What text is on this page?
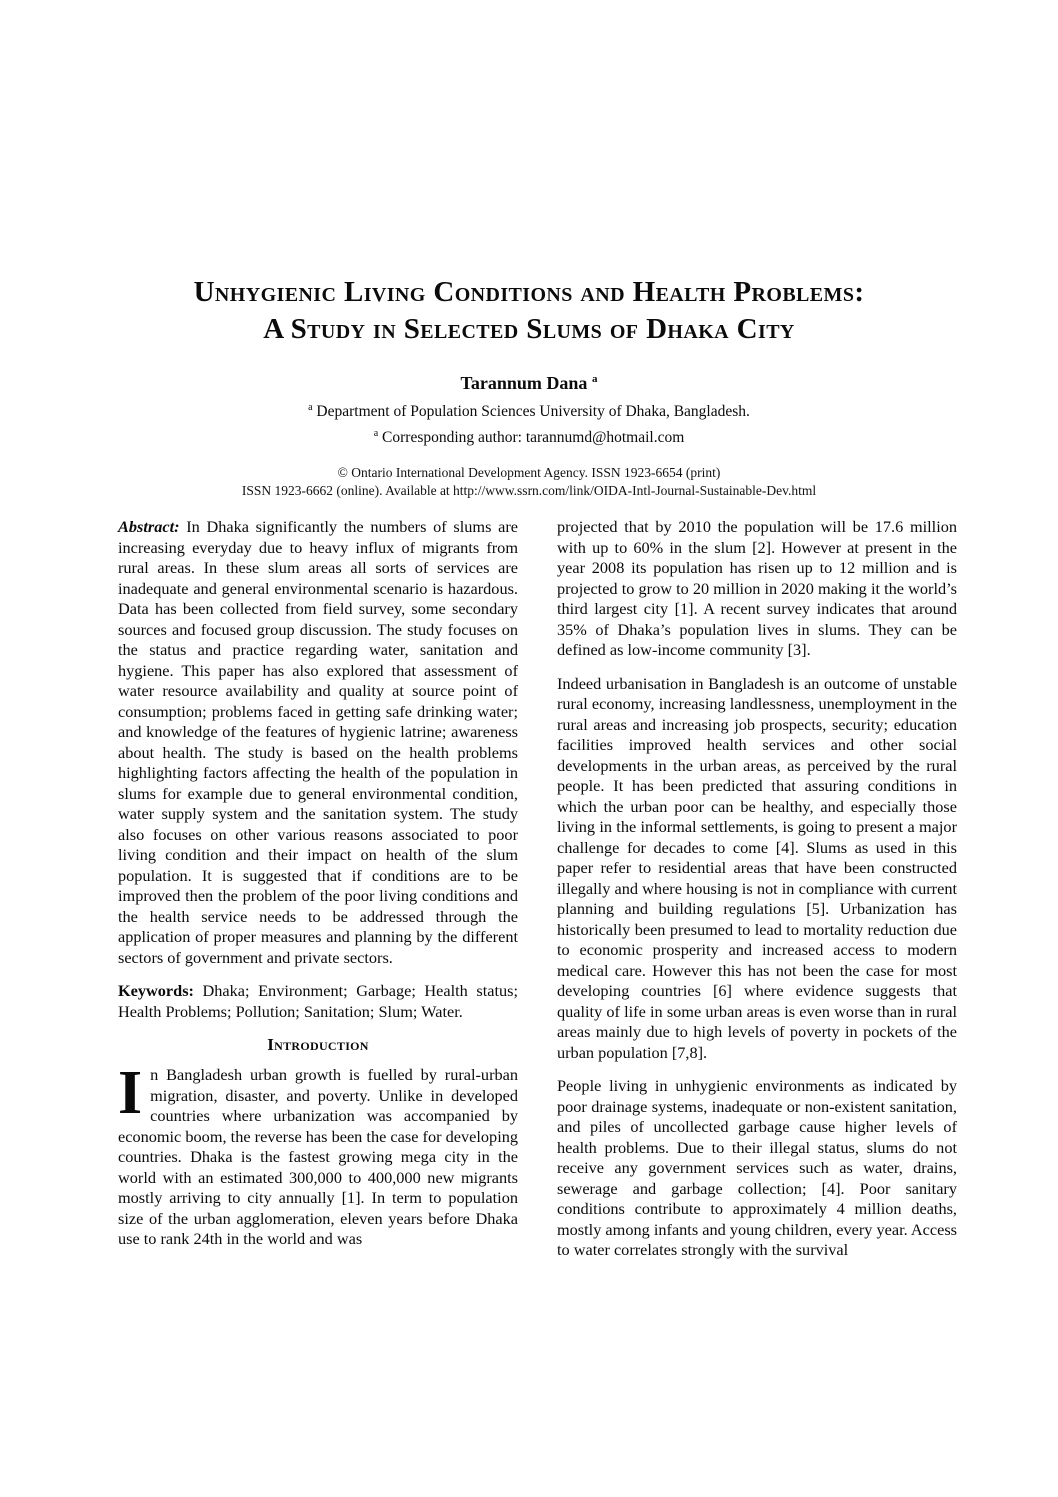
Unhygienic Living Conditions and Health Problems:
A Study in Selected Slums of Dhaka City
Tarannum Dana $^a$
$^a$ Department of Population Sciences University of Dhaka, Bangladesh.
$^a$ Corresponding author: tarannumd@hotmail.com
© Ontario International Development Agency. ISSN 1923-6654 (print)
ISSN 1923-6662 (online). Available at http://www.ssrn.com/link/OIDA-Intl-Journal-Sustainable-Dev.html

Abstract: In Dhaka significantly the numbers of slums are increasing everyday due to heavy influx of migrants from rural areas. In these slum areas all sorts of services are inadequate and general environmental scenario is hazardous. Data has been collected from field survey, some secondary sources and focused group discussion. The study focuses on the status and practice regarding water, sanitation and hygiene. This paper has also explored that assessment of water resource availability and quality at source point of consumption; problems faced in getting safe drinking water; and knowledge of the features of hygienic latrine; awareness about health. The study is based on the health problems highlighting factors affecting the health of the population in slums for example due to general environmental condition, water supply system and the sanitation system. The study also focuses on other various reasons associated to poor living condition and their impact on health of the slum population. It is suggested that if conditions are to be improved then the problem of the poor living conditions and the health service needs to be addressed through the application of proper measures and planning by the different sectors of government and private sectors.

Keywords: Dhaka; Environment; Garbage; Health status; Health Problems; Pollution; Sanitation; Slum; Water.

Introduction

In Bangladesh urban growth is fuelled by rural-urban migration, disaster, and poverty. Unlike in developed countries where urbanization was accompanied by economic boom, the reverse has been the case for developing countries. Dhaka is the fastest growing mega city in the world with an estimated 300,000 to 400,000 new migrants mostly arriving to city annually [1]. In term to population size of the urban agglomeration, eleven years before Dhaka use to rank 24th in the world and was

projected that by 2010 the population will be 17.6 million with up to 60% in the slum [2]. However at present in the year 2008 its population has risen up to 12 million and is projected to grow to 20 million in 2020 making it the world’s third largest city [1]. A recent survey indicates that around 35% of Dhaka’s population lives in slums. They can be defined as low-income community [3].

Indeed urbanisation in Bangladesh is an outcome of unstable rural economy, increasing landlessness, unemployment in the rural areas and increasing job prospects, security; education facilities improved health services and other social developments in the urban areas, as perceived by the rural people. It has been predicted that assuring conditions in which the urban poor can be healthy, and especially those living in the informal settlements, is going to present a major challenge for decades to come [4]. Slums as used in this paper refer to residential areas that have been constructed illegally and where housing is not in compliance with current planning and building regulations [5]. Urbanization has historically been presumed to lead to mortality reduction due to economic prosperity and increased access to modern medical care. However this has not been the case for most developing countries [6] where evidence suggests that quality of life in some urban areas is even worse than in rural areas mainly due to high levels of poverty in pockets of the urban population [7,8].

People living in unhygienic environments as indicated by poor drainage systems, inadequate or non-existent sanitation, and piles of uncollected garbage cause higher levels of health problems. Due to their illegal status, slums do not receive any government services such as water, drains, sewerage and garbage collection; [4]. Poor sanitary conditions contribute to approximately 4 million deaths, mostly among infants and young children, every year. Access to water correlates strongly with the survival
